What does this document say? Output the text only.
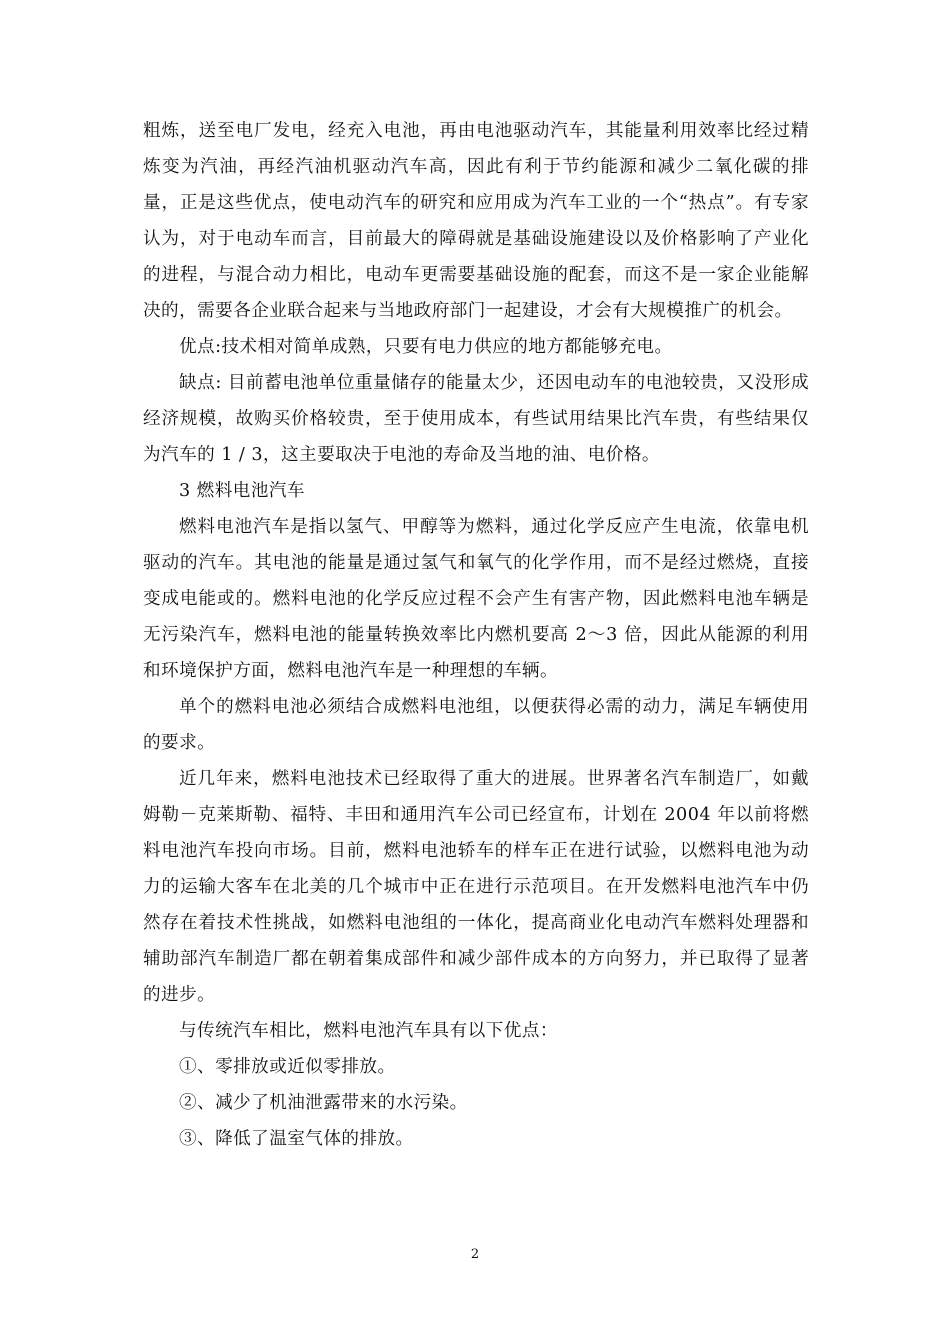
粗炼，送至电厂发电，经充入电池，再由电池驱动汽车，其能量利用效率比经过精炼变为汽油，再经汽油机驱动汽车高，因此有利于节约能源和减少二氧化碳的排量，正是这些优点，使电动汽车的研究和应用成为汽车工业的一个“热点”。有专家认为，对于电动车而言，目前最大的障碍就是基础设施建设以及价格影响了产业化的进程，与混合动力相比，电动车更需要基础设施的配套，而这不是一家企业能解决的，需要各企业联合起来与当地政府部门一起建设，才会有大规模推广的机会。

优点:技术相对简单成熟，只要有电力供应的地方都能够充电。

缺点: 目前蓄电池单位重量储存的能量太少，还因电动车的电池较贵，又没形成经济规模，故购买价格较贵，至于使用成本，有些试用结果比汽车贵，有些结果仅为汽车的 1 / 3，这主要取决于电池的寿命及当地的油、电价格。

3 燃料电池汽车

燃料电池汽车是指以氢气、甲醇等为燃料，通过化学反应产生电流，依靠电机驱动的汽车。其电池的能量是通过氢气和氧气的化学作用，而不是经过燃烧，直接变成电能或的。燃料电池的化学反应过程不会产生有害产物，因此燃料电池车辆是无污染汽车，燃料电池的能量转换效率比内燃机要高 2～3 倍，因此从能源的利用和环境保护方面，燃料电池汽车是一种理想的车辆。

单个的燃料电池必须结合成燃料电池组，以便获得必需的动力，满足车辆使用的要求。

近几年来，燃料电池技术已经取得了重大的进展。世界著名汽车制造厂，如戴姆勒－克莱斯勒、福特、丰田和通用汽车公司已经宣布，计划在 2004 年以前将燃料电池汽车投向市场。目前，燃料电池轿车的样车正在进行试验，以燃料电池为动力的运输大客车在北美的几个城市中正在进行示范项目。在开发燃料电池汽车中仍然存在着技术性挑战，如燃料电池组的一体化，提高商业化电动汽车燃料处理器和辅助部汽车制造厂都在朝着集成部件和减少部件成本的方向努力，并已取得了显著的进步。

与传统汽车相比，燃料电池汽车具有以下优点：

①、零排放或近似零排放。

②、减少了机油泄露带来的水污染。

③、降低了温室气体的排放。

2
